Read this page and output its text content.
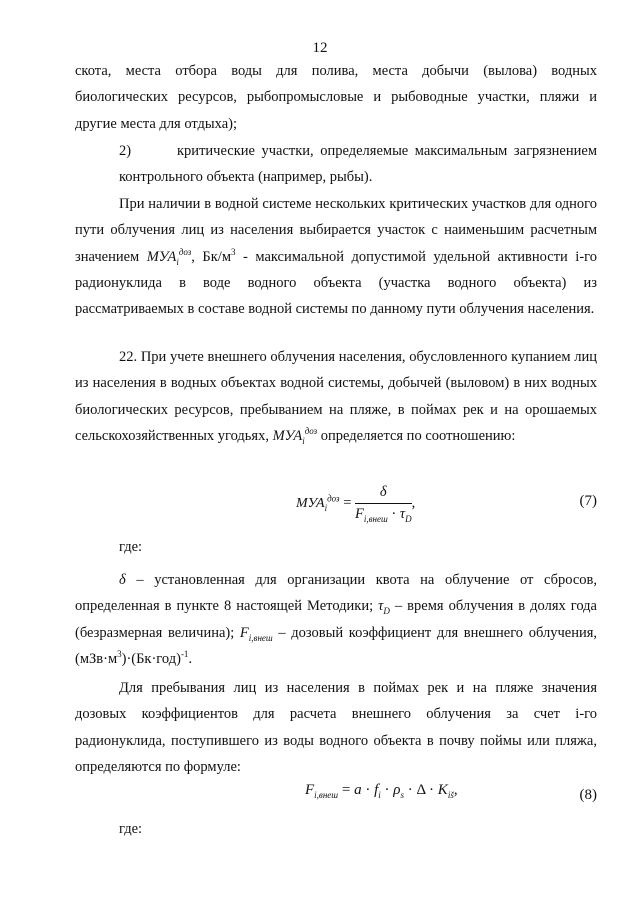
12

скота, места отбора воды для полива, места добычи (вылова) водных биологических ресурсов, рыбопромысловые и рыбоводные участки, пляжи и другие места для отдыха);

2)	критические участки, определяемые максимальным загрязнением контрольного объекта (например, рыбы).

При наличии в водной системе нескольких критических участков для одного пути облучения лиц из населения выбирается участок с наименьшим расчетным значением $МУА_i^{доз}$, $Бк/м^3$ - максимальной допустимой удельной активности i-го радионуклида в воде водного объекта (участка водного объекта) из рассматриваемых в составе водной системы по данному пути облучения населения.

22. При учете внешнего облучения населения, обусловленного купанием лиц из населения в водных объектах водной системы, добычей (выловом) в них водных биологических ресурсов, пребыванием на пляже, в поймах рек и на орошаемых сельскохозяйственных угодьях, $МУА_i^{доз}$ определяется по соотношению:

$МУА_i^{доз} = \frac{\delta}{F_{i,внеш} \cdot \tau_D}$ ,	(7)

где:

δ – установленная для организации квота на облучение от сбросов, определенная в пункте 8 настоящей Методики; $\tau_D$ – время облучения в долях года (безразмерная величина); $F_{i,внеш}$ – дозовый коэффициент для внешнего облучения, $(мЗв\cdot м^3)\cdot(Бк\cdot год)^{-1}$.

Для пребывания лиц из населения в поймах рек и на пляже значения дозовых коэффициентов для расчета внешнего облучения за счет i-го радионуклида, поступившего из воды водного объекта в почву поймы или пляжа, определяются по формуле:

$F_{i,внеш} = a \cdot f_i \cdot \rho_s \cdot \Delta \cdot K_{iš}$,	(8)

где:
